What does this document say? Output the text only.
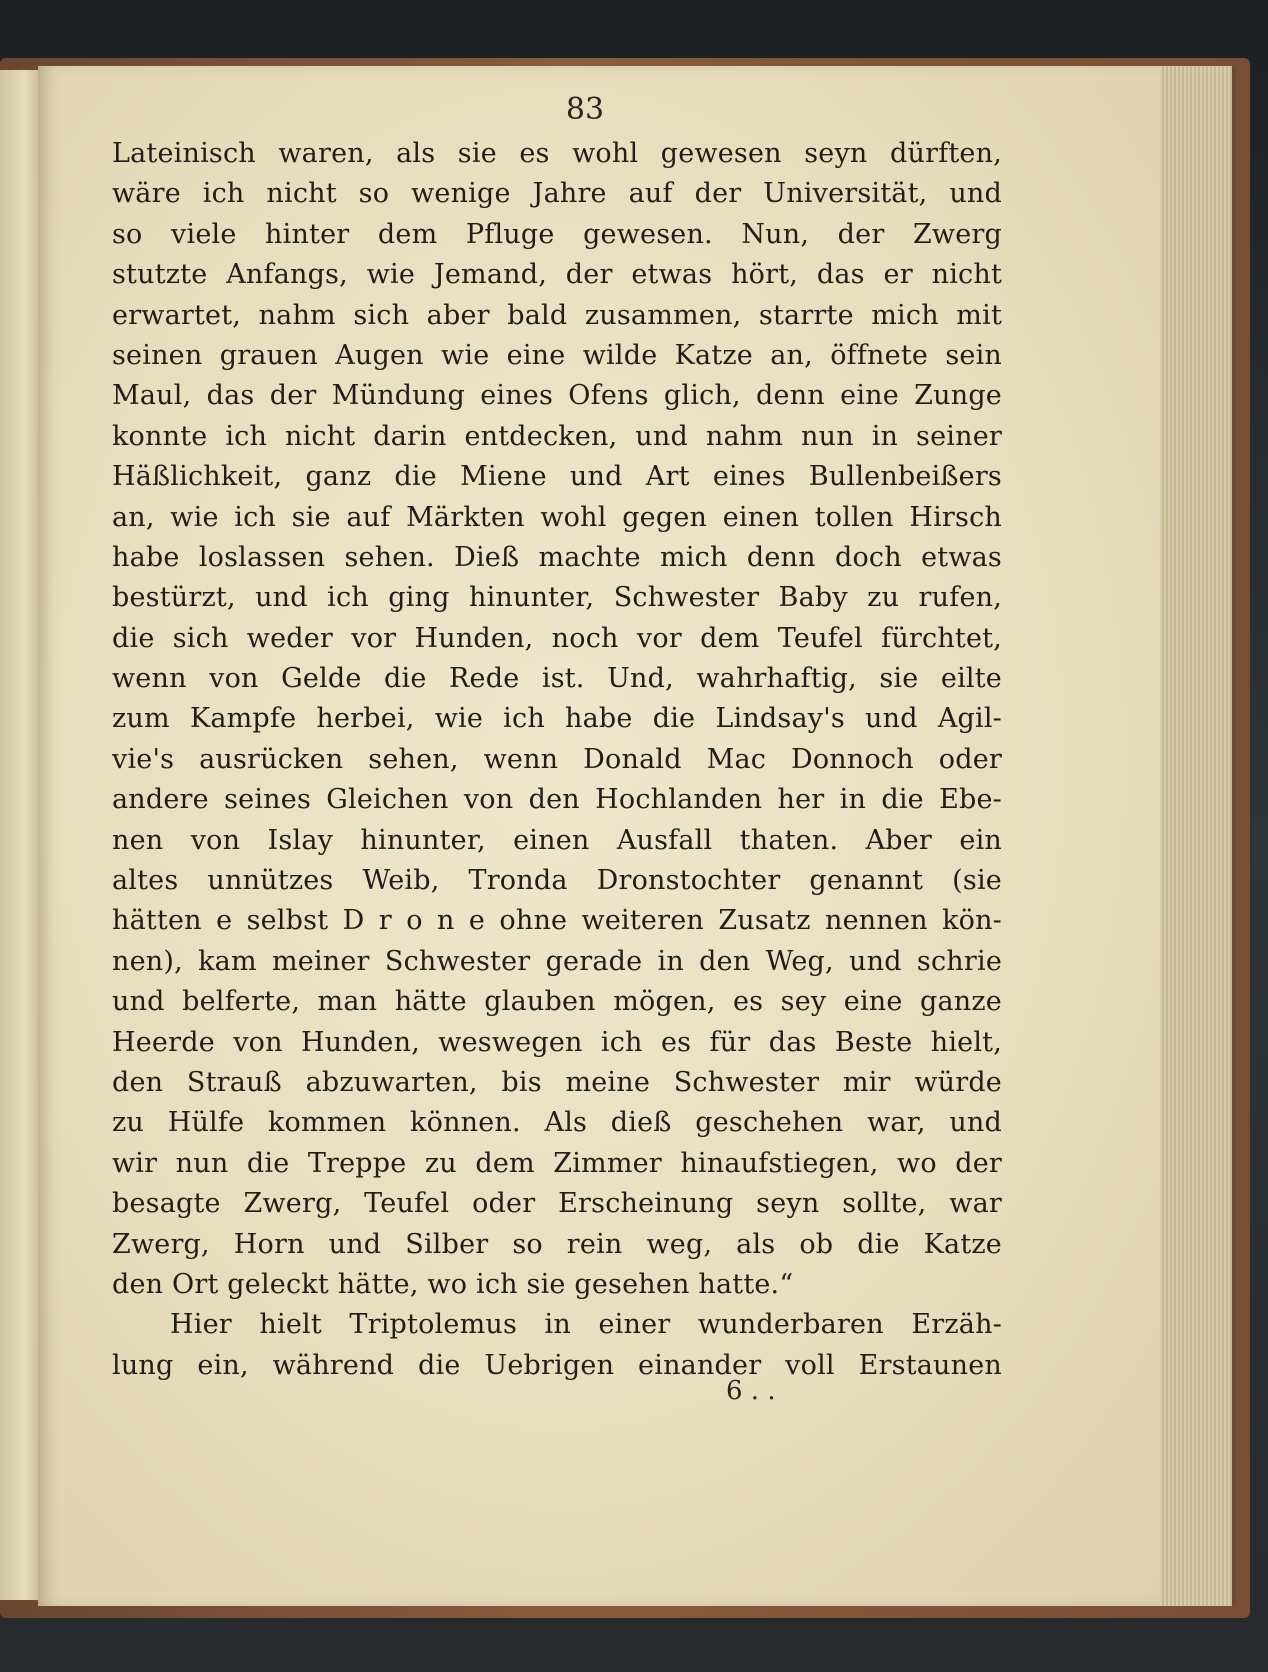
83
Lateinisch waren, als sie es wohl gewesen seyn dürften,
wäre ich nicht so wenige Jahre auf der Universität, und
so viele hinter dem Pfluge gewesen. Nun, der Zwerg
stutzte Anfangs, wie Jemand, der etwas hört, das er nicht
erwartet, nahm sich aber bald zusammen, starrte mich mit
seinen grauen Augen wie eine wilde Katze an, öffnete sein
Maul, das der Mündung eines Ofens glich, denn eine Zunge
konnte ich nicht darin entdecken, und nahm nun in seiner
Häßlichkeit, ganz die Miene und Art eines Bullenbeißers
an, wie ich sie auf Märkten wohl gegen einen tollen Hirsch
habe loslassen sehen. Dieß machte mich denn doch etwas
bestürzt, und ich ging hinunter, Schwester Baby zu rufen,
die sich weder vor Hunden, noch vor dem Teufel fürchtet,
wenn von Gelde die Rede ist. Und, wahrhaftig, sie eilte
zum Kampfe herbei, wie ich habe die Lindsay's und Agil-
vie's ausrücken sehen, wenn Donald Mac Donnoch oder
andere seines Gleichen von den Hochlanden her in die Ebe-
nen von Islay hinunter, einen Ausfall thaten. Aber ein
altes unnützes Weib, Tronda Dronstochter genannt (sie
hätten e selbst D r o n e ohne weiteren Zusatz nennen kön-
nen), kam meiner Schwester gerade in den Weg, und schrie
und belferte, man hätte glauben mögen, es sey eine ganze
Heerde von Hunden, weswegen ich es für das Beste hielt,
den Strauß abzuwarten, bis meine Schwester mir würde
zu Hülfe kommen können. Als dieß geschehen war, und
wir nun die Treppe zu dem Zimmer hinaufstiegen, wo der
besagte Zwerg, Teufel oder Erscheinung seyn sollte, war
Zwerg, Horn und Silber so rein weg, als ob die Katze
den Ort geleckt hätte, wo ich sie gesehen hatte.“
Hier hielt Triptolemus in einer wunderbaren Erzäh-
lung ein, während die Uebrigen einander voll Erstaunen
6 . .
